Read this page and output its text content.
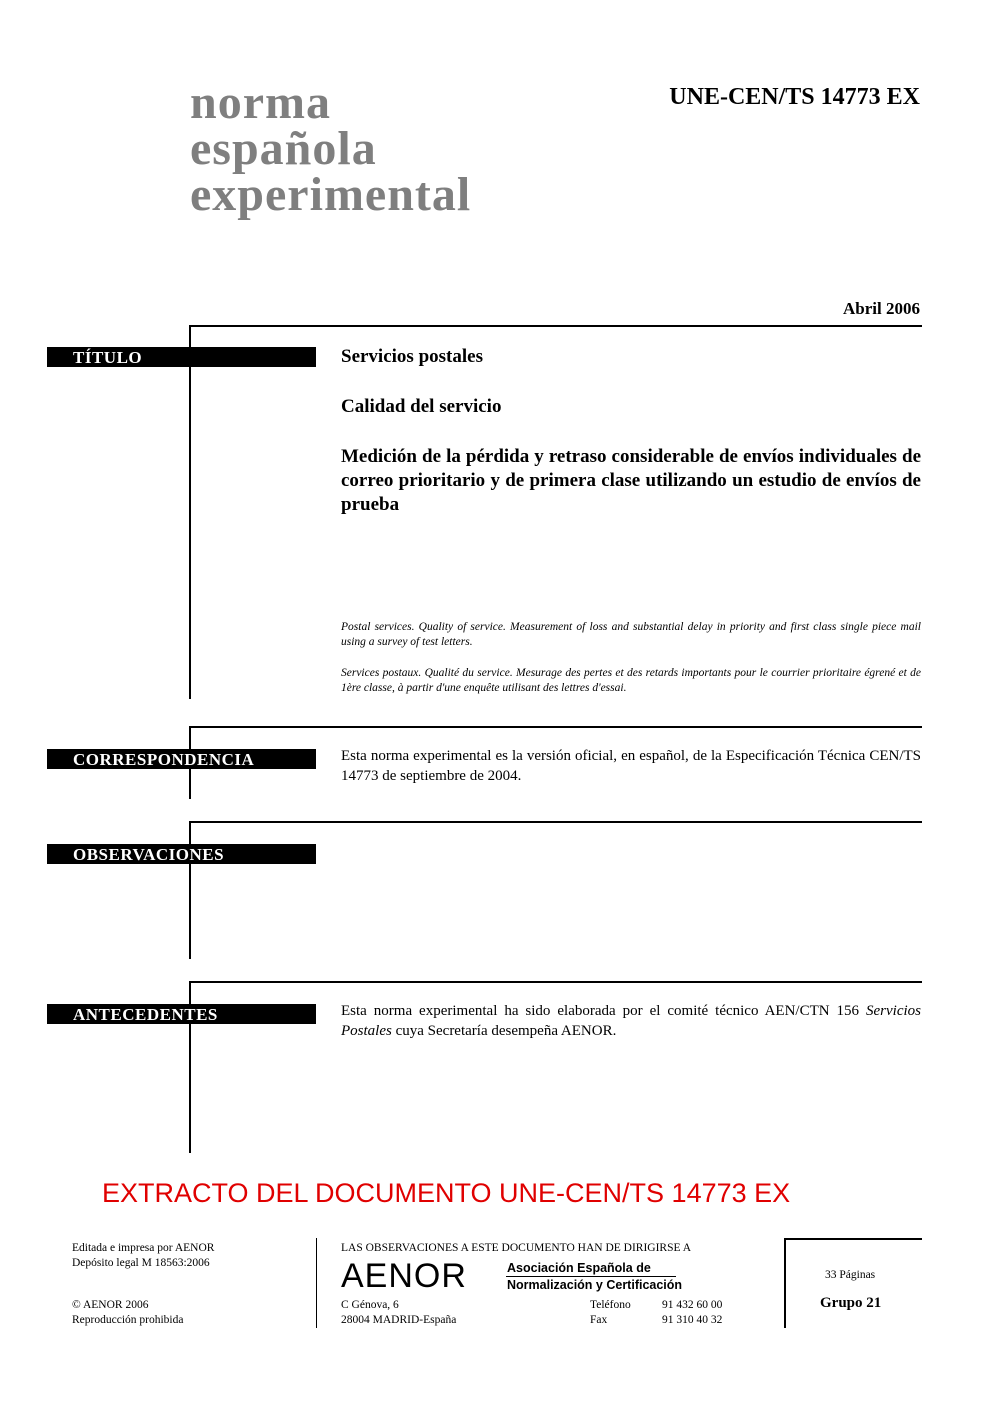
norma
española
experimental
UNE-CEN/TS 14773 EX
Abril 2006
TÍTULO	Servicios postales
Calidad del servicio
Medición de la pérdida y retraso considerable de envíos individuales de correo prioritario y de primera clase utilizando un estudio de envíos de prueba
Postal services. Quality of service. Measurement of loss and substantial delay in priority and first class single piece mail using a survey of test letters.
Services postaux. Qualité du service. Mesurage des pertes et des retards importants pour le courrier prioritaire égrené et de 1ère classe, à partir d'une enquête utilisant des lettres d'essai.
CORRESPONDENCIA	Esta norma experimental es la versión oficial, en español, de la Especificación Técnica CEN/TS 14773 de septiembre de 2004.
OBSERVACIONES
ANTECEDENTES	Esta norma experimental ha sido elaborada por el comité técnico AEN/CTN 156 Servicios Postales cuya Secretaría desempeña AENOR.
EXTRACTO DEL DOCUMENTO UNE-CEN/TS 14773 EX
Editada e impresa por AENOR
Depósito legal M 18563:2006
© AENOR 2006
Reproducción prohibida
LAS OBSERVACIONES A ESTE DOCUMENTO HAN DE DIRIGIRSE A
AENOR	Asociación Española de
Normalización y Certificación
C Génova, 6
28004 MADRID-España
Teléfono	91 432 60 00
Fax	91 310 40 32
33 Páginas
Grupo 21
